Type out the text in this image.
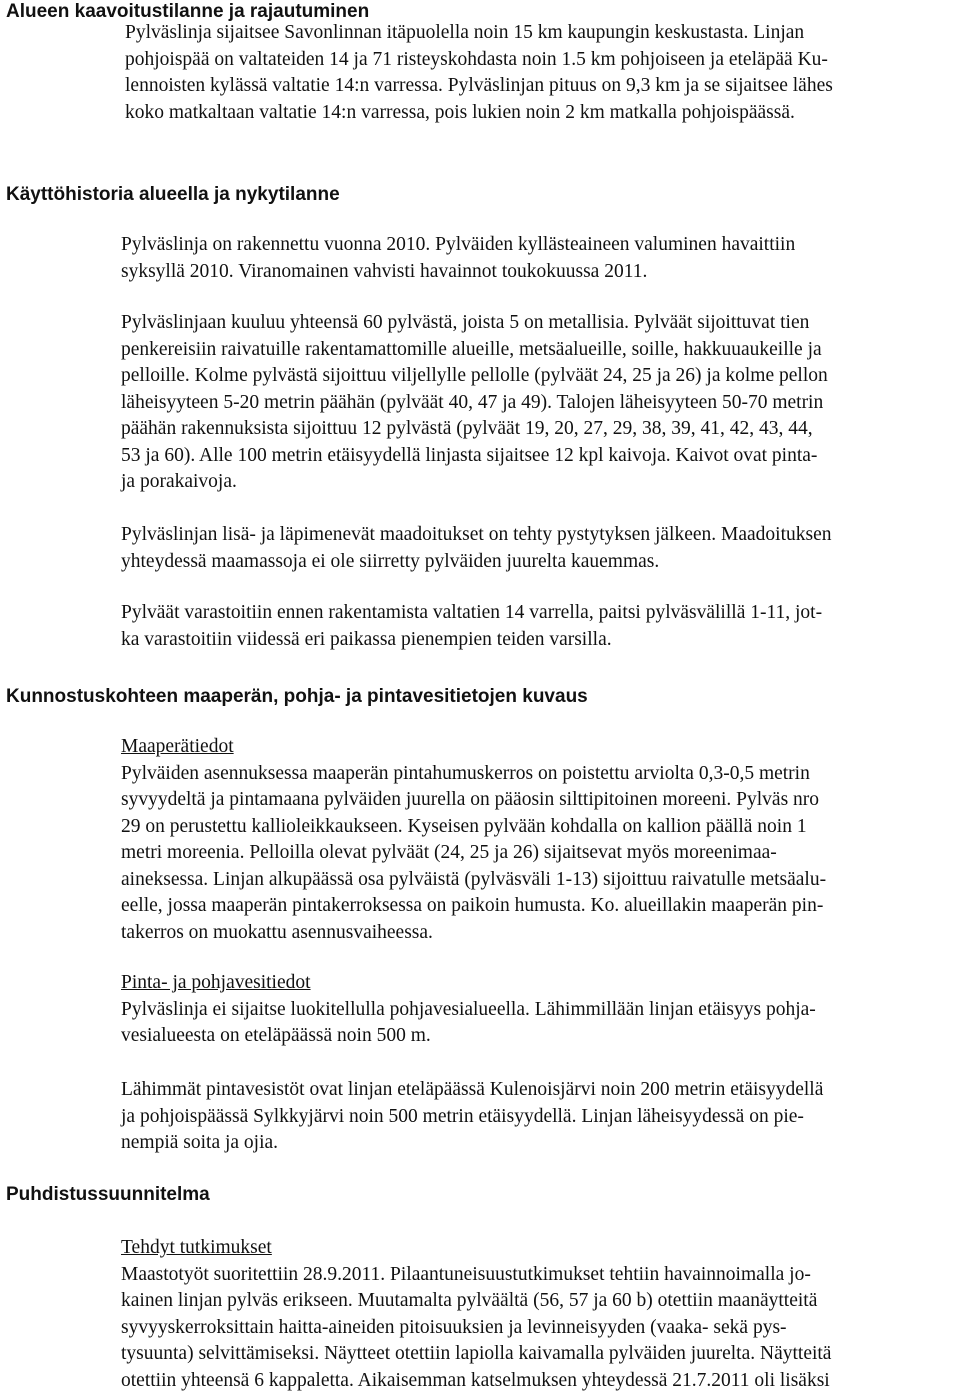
Alueen kaavoitustilanne ja rajautuminen
Pylväslinja sijaitsee Savonlinnan itäpuolella noin 15 km kaupungin keskustasta. Linjan
pohjoispää on valtateiden 14 ja 71 risteyskohdasta noin 1.5 km pohjoiseen ja eteläpää Ku-
lennoisten kylässä valtatie 14:n varressa. Pylväslinjan pituus on 9,3 km ja se sijaitsee lähes
koko matkaltaan valtatie 14:n varressa, pois lukien noin 2 km matkalla pohjoispäässä.
Käyttöhistoria alueella ja nykytilanne
Pylväslinja on rakennettu vuonna 2010. Pylväiden kyllästeaineen valuminen havaittiin
syksyllä 2010. Viranomainen vahvisti havainnot toukokuussa 2011.
Pylväslinjaan kuuluu yhteensä 60 pylvästä, joista 5 on metallisia. Pylväät sijoittuvat tien
penkereisiin raivatuille rakentamattomille alueille, metsäalueille, soille, hakkuuaukeille ja
pelloille. Kolme pylvästä sijoittuu viljellylle pellolle (pylväät 24, 25 ja 26) ja kolme pellon
läheisyyteen 5-20 metrin päähän (pylväät 40, 47 ja 49). Talojen läheisyyteen 50-70 metrin
päähän rakennuksista sijoittuu 12 pylvästä (pylväät 19, 20, 27, 29, 38, 39, 41, 42, 43, 44,
53 ja 60). Alle 100 metrin etäisyydellä linjasta sijaitsee 12 kpl kaivoja. Kaivot ovat pinta-
ja porakaivoja.
Pylväslinjan lisä- ja läpimenevät maadoitukset on tehty pystytyksen jälkeen. Maadoituksen
yhteydessä maamassoja ei ole siirretty pylväiden juurelta kauemmas.
Pylväät varastoitiin ennen rakentamista valtatien 14 varrella, paitsi pylväsvälillä 1-11, jot-
ka varastoitiin viidessä eri paikassa pienempien teiden varsilla.
Kunnostuskohteen maaperän, pohja- ja pintavesitietojen kuvaus
Maaperätiedot
Pylväiden asennuksessa maaperän pintahumuskerros on poistettu arviolta 0,3-0,5 metrin
syvyydeltä ja pintamaana pylväiden juurella on pääosin silttipitoinen moreeni. Pylväs nro
29 on perustettu kallioleikkaukseen. Kyseisen pylvään kohdalla on kallion päällä noin 1
metri moreenia. Pelloilla olevat pylväät (24, 25 ja 26) sijaitsevat myös moreenimaa-
aineksessa. Linjan alkupäässä osa pylväistä (pylväsväli 1-13) sijoittuu raivatulle metsäalu-
eelle, jossa maaperän pintakerroksessa on paikoin humusta. Ko. alueillakin maaperän pin-
takerros on muokattu asennusvaiheessa.
Pinta- ja pohjavesitiedot
Pylväslinja ei sijaitse luokitellulla pohjavesialueella. Lähimmillään linjan etäisyys pohja-
vesialueesta on eteläpäässä noin 500 m.
Lähimmät pintavesistöt ovat linjan eteläpäässä Kulenoisjärvi noin 200 metrin etäisyydellä
ja pohjoispäässä Sylkkyjärvi noin 500 metrin etäisyydellä. Linjan läheisyydessä on pie-
nempiä soita ja ojia.
Puhdistussuunnitelma
Tehdyt tutkimukset
Maastotyöt suoritettiin 28.9.2011. Pilaantuneisuustutkimukset tehtiin havainnoimalla jo-
kainen linjan pylväs erikseen. Muutamalta pylväältä (56, 57 ja 60 b) otettiin maanäytteitä
syvyyskerroksittain haitta-aineiden pitoisuuksien ja levinneisyyden (vaaka- sekä pys-
tysuunta) selvittämiseksi. Näytteet otettiin lapiolla kaivamalla pylväiden juurelta. Näytteitä
otettiin yhteensä 6 kappaletta. Aikaisemman katselmuksen yhteydessä 21.7.2011 oli lisäksi
